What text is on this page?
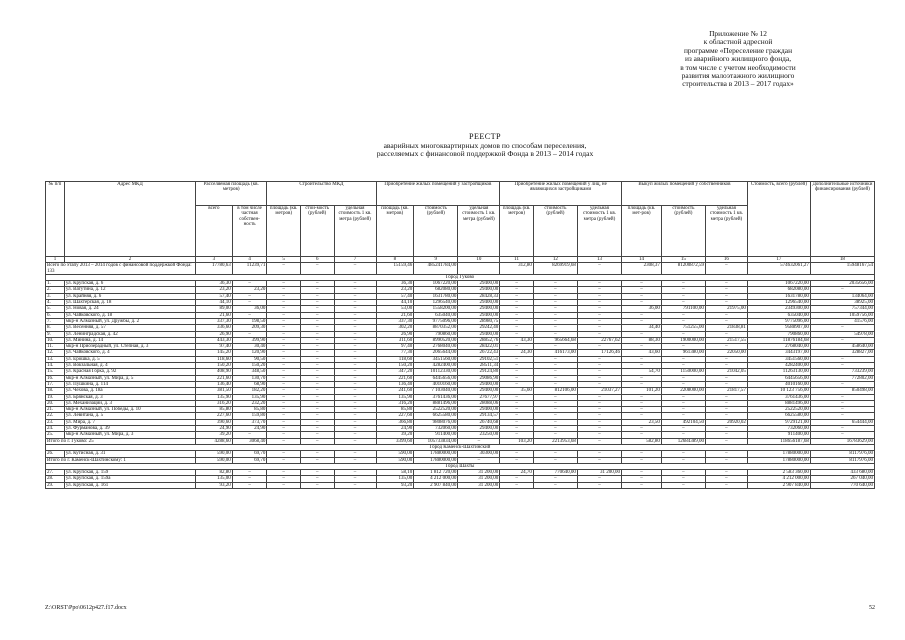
Приложение № 12
к областной адресной
программе «Переселение граждан
из аварийного жилищного фонда,
в том числе с учетом необходимости
развития малоэтажного жилищного
строительства в 2013 – 2017 годах»
РЕЕСТР
аварийных многоквартирных домов по способам переселения,
расселяемых с финансовой поддержкой Фонда в 2013 – 2014 годах
№ п/п	Адрес МКД	Расселяемая площадь (кв. метров)		Строительство МКД			Приобретение жилых помещений у застройщиков			Приобретение жилых помещений у лиц, не являющихся застройщиками			Выкуп жилых помещений у собственников			Стоимость, всего (рублей)	Дополнительные источники финансирования (рублей)
		всего	в том числе частная собствен-ность	площадь (кв. метров)	стои-мость (рублей)	удельная стоимость 1 кв. метра (рублей)	площадь (кв. метров)	стоимость (рублей)	удельная стоимость 1 кв. метра (рублей)	площадь (кв. метров)	стоимость (рублей)	удельная стоимость 1 кв. метра (рублей)	площадь (кв. мет-ров)	стоимость (рублей)	удельная стоимость 1 кв. метра (рублей)		
1	2	3	4	5	6	7	8	9	10	11	12	13	14	15	16	17	18
Всего по этапу 2013 – 2014 годов с финансовой поддержкой Фонда: 133		17780,63	11239,71	–	–	–	15159,46	485241784,00		312,80	8269919,68	–	2308,37	81200872,59	–	574632061,27	15948167,54
Город Гуково																	
1.	ул. Крупская, д. 6	36,30	–	–	–	–	36,30	1067220,00	29400,00	–	–	–	–	–	–	1067220,00	2035656,00
2.	ул. Ватутина, д. 12	23,20	23,20	–	–	–	23,20	682080,00	29400,00	–	–	–	–	–	–	682080,00	–
3.	ул. Крайняя, д. 6	57,40	–	–	–	–	57,40	1631780,00	28428,33	–	–	–	–	–	–	1631780,00	134064,00
4.	ул. Шахтерская, д. 18	44,10	–	–	–	–	44,10	1296540,00	29400,00	–	–	–	–	–	–	1296540,00	38925,00
5.	ул. Новая, д. 24	89,00	36,00	–	–	–	53,00	1558200,00	29400,00	–	–	–	36,00	791100,00	21975,00	2349300,00	757344,00
6.	ул. Чайковского, д. 18	21,60	–	–	–	–	21,60	635040,00	29400,00	–	–	–	–	–	–	635040,00	1059756,00
7.	мкр-н Алмазный, ул. Дружбы, д. 2	337,30	198,50	–	–	–	337,30	9775096,00	28980,75	–	–	–	–	–	–	9775096,00	41576,00
8.	ул. Весенняя, д. 57	336,60	209,30	–	–	–	302,20	8870352,00	29242,40	–	–	–	34,40	751255,00	21838,81	9588907,00	–
9.	ул. Ленинградская, д. 42	26,90	–	–	–	–	26,90	790860,00	29400,00	–	–	–	–	–	–	790860,00	54978,00
10.	ул. Минина, д. 14	443,30	399,90	–	–	–	311,60	8990520,00	28852,76	43,30	965664,68	22767,62	88,30	1900000,00	21517,55	11876184,68	–
11.	мкр-н Приозерадный, ул. Степная, д. 3	97,40	30,40	–	–	–	97,40	2768040,00	28422,01	–	–	–	–	–	–	2768040,00	458640,00
12.	ул. Чайковского, д. 4	145,20	120,90	–	–	–	77,30	2065644,00	26722,43	24,30	416173,00	17126,46	43,60	961380,00	22050,00	3443197,00	328827,00
13.	ул. Ерошка, д. 5	118,60	90,50	–	–	–	118,60	3451560,00	29102,51	–	–	–	–	–	–	3451560,00	–
14.	ул. Вокзальная, д. 4	150,20	150,20	–	–	–	150,20	4282400,00	28511,34	–	–	–	–	–	–	4282400,00	–
15.	ул. Красная Горка, д. 92	408,90	348,50	–	–	–	347,20	10112330,00	29124,80	–	–	–	54,70	1150000,00	21042,05	11263130,00	733239,00
16.	мкр-н Алмазный, ул. Мира, д. 5	221,60	130,70	–	–	–	221,60	6445656,00	29086,90	–	–	–	–	–	–	6445656,00	772802,00
17.	ул. Пушкина, д. 114	136,40	68,90	–	–	–	136,40	4010160,00	29400,00	–	–	–	–	–	–	4010160,00	–
18.	ул. Чехова, д. 18а	381,50	182,20	–	–	–	241,60	7 103040,00	29400,00	35,60	812106,00	21037,27	101,20	2208000,00	21817,57	10 123 756,00	850498,00
19.	ул. Брянская, д. 3	135,90	135,90	–	–	–	135,90	3761436,00	27677,97	–	–	–	–	–	–	3761436,00	–
20.	ул. Механизации, д. 3	316,20	232,20	–	–	–	316,20	8881496,00	28088,06	–	–	–	–	–	–	8881496,00	–
21.	мкр-н Алмазный, ул. Победы, д. 10	85,80	85,80	–	–	–	85,80	2522520,00	29400,00	–	–	–	–	–	–	2522520,00	–
22.	ул. Левитана, д. 5	227,60	159,80	–	–	–	227,60	6625580,00	29134,57	–	–	–	–	–	–	6625580,00	–
23.	ул. Мира, д. 7	390,60	373,70	–	–	–	366,80	9808076,00	26740,68	–	–	–	23,50	492104,50	20920,02	9729121,00	654444,00
24.	ул. Фурманова, д. 39	24,90	24,90	–	–	–	24,90	732060,00	29400,00	–	–	–	–	–	–	732060,00	–
25.	мкр-н Алмазный, ул. Мира, д. 3	39,20	–	–	–	–	39,20	911400,00	23250,00	–	–	–	–	–	–	911400,00	–
Итого по г. Гуково: 25		4288,60	3068,40	–	–	–	3399,60	105733834,00	–	103,20	2213953,68	–	582,80	12684389,00	–	118656187,68	16783629,00
Город Каменск-Шахтинский																	
26.	ул. Кутисная, д. 31	590,00	69,70	–	–	–	590,00	17880000,00	30300,00	–	–	–	–	–	–	17880000,00	8117976,00
Итого по г. Каменск-Шахтинскому: 1		590,00	69,70	–	–	–	590,00	17880000,00	–	–	–	–	–	–	–	17880000,00	8117976,00
Город Шахты																	
27.	ул. Крупская, д. 159	82,80	–	–	–	–	58,10	1 812 720,00	31 200,00	24,70	770640,00	31 200,00	–	–	–	2 583 360,00	433 680,00
28.	ул. Крупская, д. 159а	135,00	–	–	–	–	135,00	4 212 000,00	31 200,00	–	–	–	–	–	–	4 212 000,00	267 040,00
29.	ул. Крупская, д. 161	93,20	–	–	–	–	93,20	2 907 840,00	31 200,00	–	–	–	–	–	–	2 907 840,00	770 640,00
Z:\ORST\Ppo\0612p427.f17.docx	52
